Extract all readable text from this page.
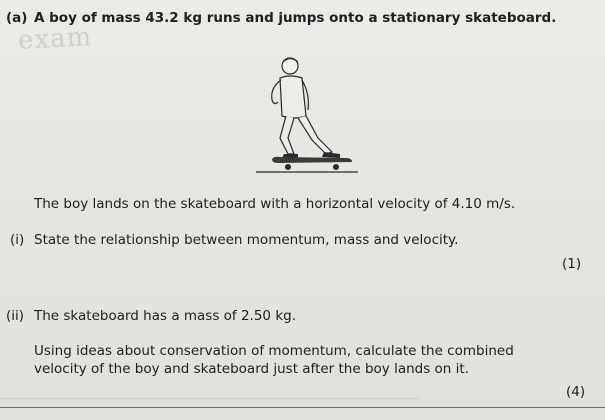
exam
(a) A boy of mass 43.2 kg runs and jumps onto a stationary skateboard.
The boy lands on the skateboard with a horizontal velocity of 4.10 m/s.
(i) State the relationship between momentum, mass and velocity.
(1)
(ii) The skateboard has a mass of 2.50 kg.
Using ideas about conservation of momentum, calculate the combined
velocity of the boy and skateboard just after the boy lands on it.
(4)
